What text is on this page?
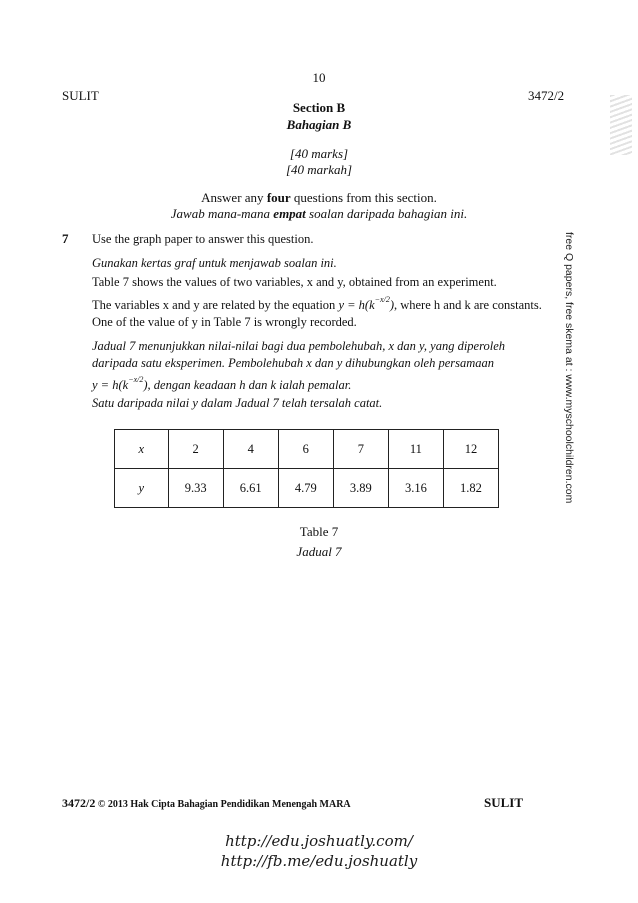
10
SULIT	3472/2
Section B
Bahagian B
[40 marks]
[40 markah]
Answer any four questions from this section.
Jawab mana-mana empat soalan daripada bahagian ini.
7 Use the graph paper to answer this question.
Gunakan kertas graf untuk menjawab soalan ini.
Table 7 shows the values of two variables, x and y, obtained from an experiment.
The variables x and y are related by the equation $y = h(k^{-x/2})$, where h and k are constants.
One of the value of y in Table 7 is wrongly recorded.
Jadual 7 menunjukkan nilai-nilai bagi dua pembolehubah, x dan y, yang diperoleh
daripada satu eksperimen. Pembolehubah x dan y dihubungkan oleh persamaan
$y = h(k^{-x/2})$, dengan keadaan h dan k ialah pemalar.
Satu daripada nilai y dalam Jadual 7 telah tersalah catat.
x	2	4	6	7	11	12
y	9.33	6.61	4.79	3.89	3.16	1.82
Table 7
Jadual 7
free Q papers, free skema at : www.myschoolchildren.com
3472/2 © 2013 Hak Cipta Bahagian Pendidikan Menengah MARA	SULIT
http://edu.joshuatly.com/
http://fb.me/edu.joshuatly
